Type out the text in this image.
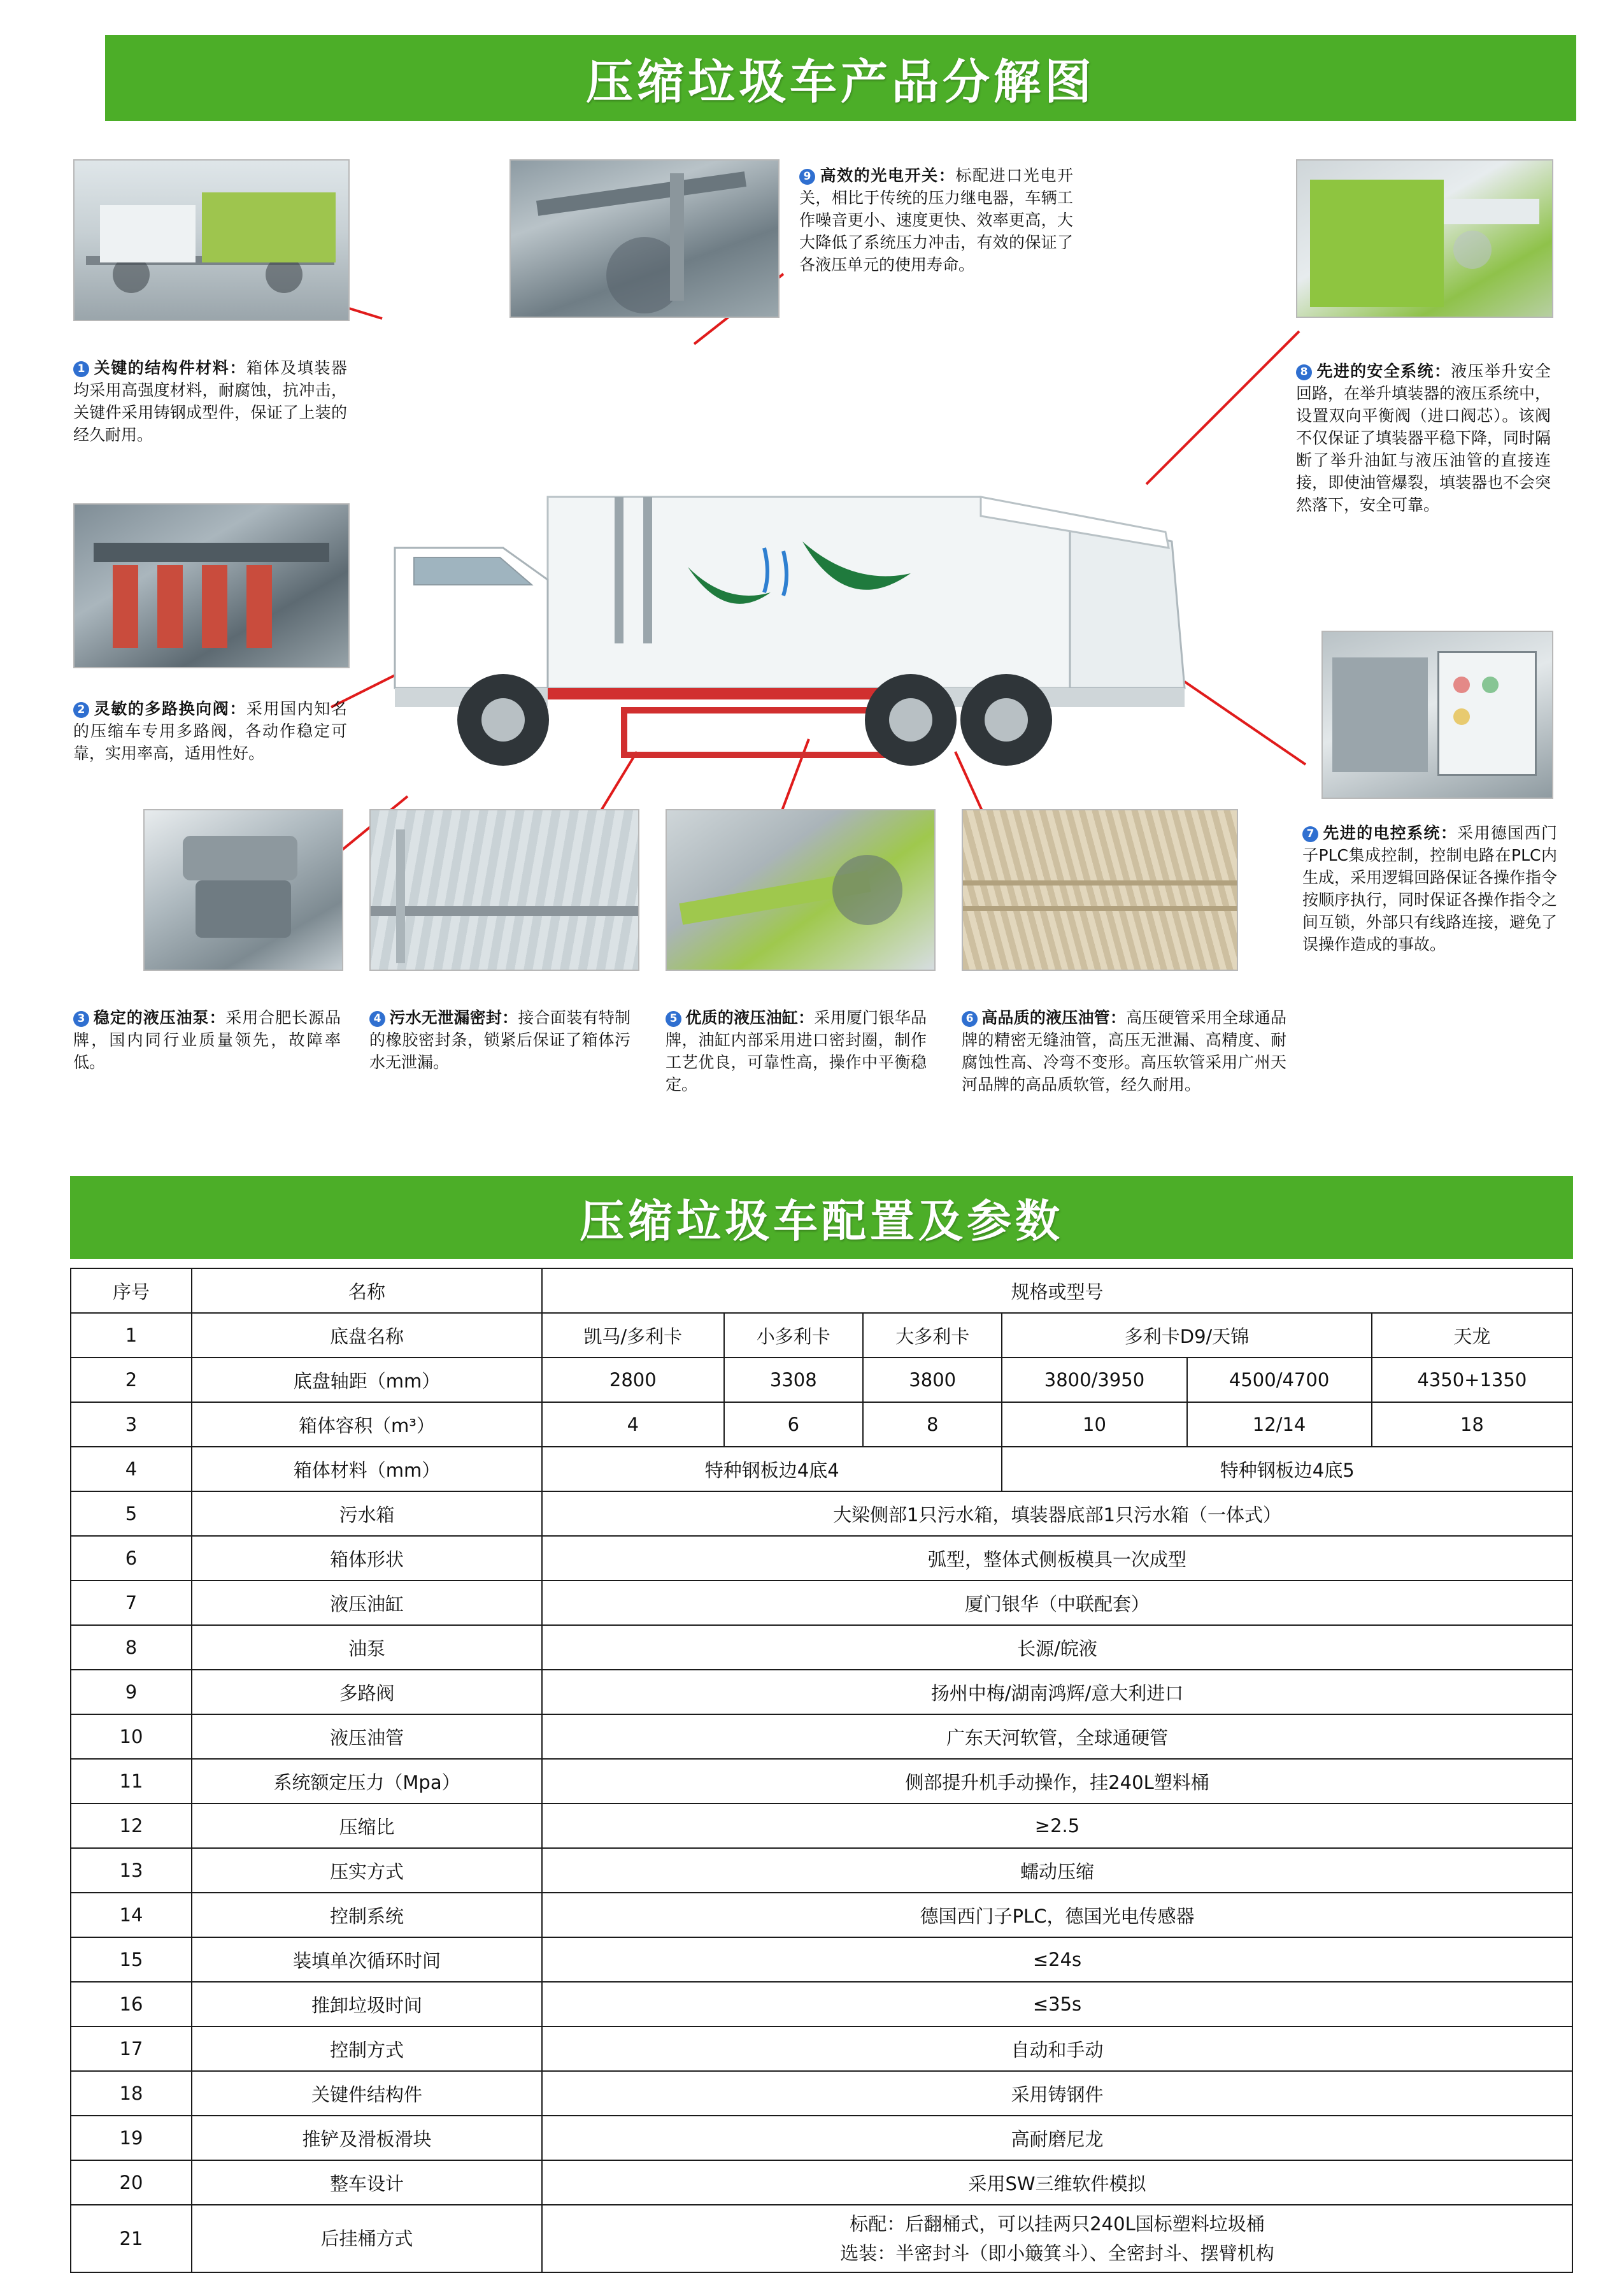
压缩垃圾车产品分解图
9 高效的光电开关：标配进口光电开关，相比于传统的压力继电器，车辆工作噪音更小、速度更快、效率更高，大大降低了系统压力冲击，有效的保证了各液压单元的使用寿命。
8 先进的安全系统：液压举升安全回路，在举升填装器的液压系统中，设置双向平衡阀（进口阀芯）。该阀不仅保证了填装器平稳下降，同时隔断了举升油缸与液压油管的直接连接，即使油管爆裂，填装器也不会突然落下，安全可靠。
1 关键的结构件材料：箱体及填装器均采用高强度材料，耐腐蚀，抗冲击，关键件采用铸钢成型件，保证了上装的经久耐用。
2 灵敏的多路换向阀：采用国内知名的压缩车专用多路阀，各动作稳定可靠，实用率高，适用性好。
7 先进的电控系统：采用德国西门子PLC集成控制，控制电路在PLC内生成，采用逻辑回路保证各操作指令按顺序执行，同时保证各操作指令之间互锁，外部只有线路连接，避免了误操作造成的事故。
3 稳定的液压油泵：采用合肥长源品牌，国内同行业质量领先，故障率低。
4 污水无泄漏密封：接合面装有特制的橡胶密封条，锁紧后保证了箱体污水无泄漏。
5 优质的液压油缸：采用厦门银华品牌，油缸内部采用进口密封圈，制作工艺优良，可靠性高，操作中平衡稳定。
6 高品质的液压油管：高压硬管采用全球通品牌的精密无缝油管，高压无泄漏、高精度、耐腐蚀性高、冷弯不变形。高压软管采用广州天河品牌的高品质软管，经久耐用。
压缩垃圾车配置及参数
序号	名称	规格或型号					
1	底盘名称	凯马/多利卡	小多利卡	大多利卡	多利卡D9/天锦		天龙
2	底盘轴距（mm）	2800	3308	3800	3800/3950	4500/4700	4350+1350
3	箱体容积（m³）	4	6	8	10	12/14	18
4	箱体材料（mm）	特种钢板边4底4			特种钢板边4底5		
5	污水箱	大梁侧部1只污水箱，填装器底部1只污水箱（一体式）					
6	箱体形状	弧型，整体式侧板模具一次成型					
7	液压油缸	厦门银华（中联配套）					
8	油泵	长源/皖液					
9	多路阀	扬州中梅/湖南鸿辉/意大利进口					
10	液压油管	广东天河软管，全球通硬管					
11	系统额定压力（Mpa）	侧部提升机手动操作，挂240L塑料桶					
12	压缩比	≥2.5					
13	压实方式	蠕动压缩					
14	控制系统	德国西门子PLC，德国光电传感器					
15	装填单次循环时间	≤24s					
16	推卸垃圾时间	≤35s					
17	控制方式	自动和手动					
18	关键件结构件	采用铸钢件					
19	推铲及滑板滑块	高耐磨尼龙					
20	整车设计	采用SW三维软件模拟					
21	后挂桶方式	标配：后翻桶式，可以挂两只240L国标塑料垃圾桶
选装：半密封斗（即小簸箕斗）、全密封斗、摆臂机构					
